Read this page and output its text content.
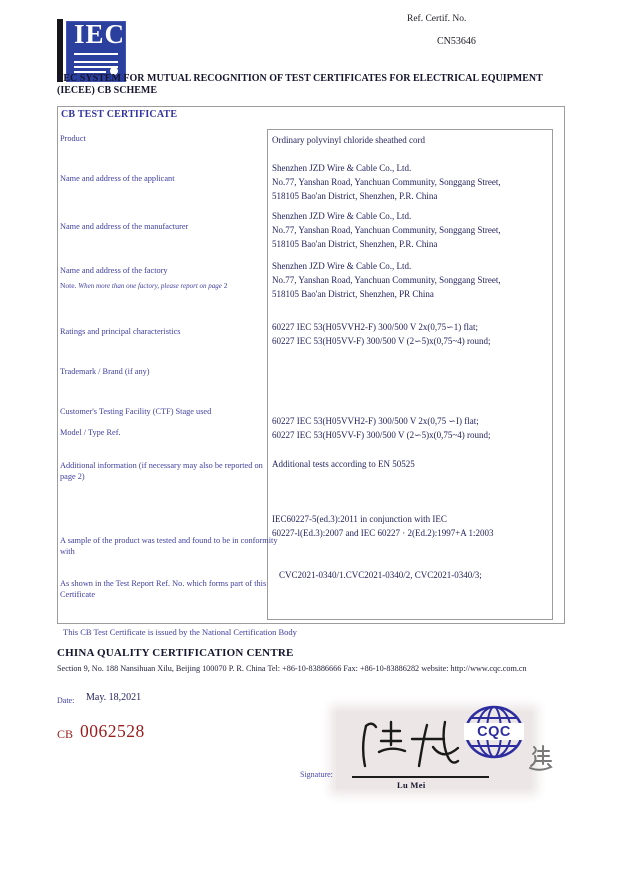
IEC	Ref. Certif. No.
CN53646
I EC SYSTEM FOR MUTUAL RECOGNITION OF TEST CERTIFICATES FOR ELECTRICAL EQUIPMENT
(IECEE) CB SCHEME
CB TEST CERTIFICATE
Product
Name and address of the applicant
Name and address of the manufacturer
Name and address of the factory
Note. When more than one factory, please report on page 2
Ratings and principal characteristics
Trademark / Brand (if any)
Customer's Testing Facility (CTF) Stage used
Model / Type Ref.
Additional information (if necessary may also be reported on page 2)
A sample of the product was tested and found to be in conformity with
As shown in the Test Report Ref. No. which forms part of this Certificate
Ordinary polyvinyl chloride sheathed cord
Shenzhen JZD Wire & Cable Co., Ltd.
No.77, Yanshan Road, Yanchuan Community, Songgang Street,
518105 Bao'an District, Shenzhen, P.R. China
Shenzhen JZD Wire & Cable Co., Ltd.
No.77, Yanshan Road, Yanchuan Community, Songgang Street,
518105 Bao'an District, Shenzhen, P.R. China
Shenzhen JZD Wire & Cable Co., Ltd.
No.77, Yanshan Road, Yanchuan Community, Songgang Street,
518105 Bao'an District, Shenzhen, PR China
60227 IEC 53(H05VVH2-F) 300/500 V 2x(0,75∽1) flat;
60227 IEC 53(H05VV-F) 300/500 V (2∽5)x(0,75~4) round;
60227 IEC 53(H05VVH2-F) 300/500 V 2x(0,75 ∽I) flat;
60227 IEC 53(H05VV-F) 300/500 V (2∽5)x(0,75~4) round;
Additional tests according to EN 50525
IEC60227-5(ed.3):2011 in conjunction with IEC
60227-l(Ed.3):2007 and IEC 60227 · 2(Ed.2):1997+A 1:2003
CVC2021-0340/1.CVC2021-0340/2, CVC2021-0340/3;
This CB Test Certificate is issued by the National Certification Body
CHINA QUALITY CERTIFICATION CENTRE
Section 9, No. 188 Nansihuan Xilu, Beijing 100070 P. R. China Tel: +86-10-83886666 Fax: +86-10-83886282 website: http://www.cqc.com.cn
Date: May. 18,2021
CB 0062528
Signature:
Lu Mei
CQC
